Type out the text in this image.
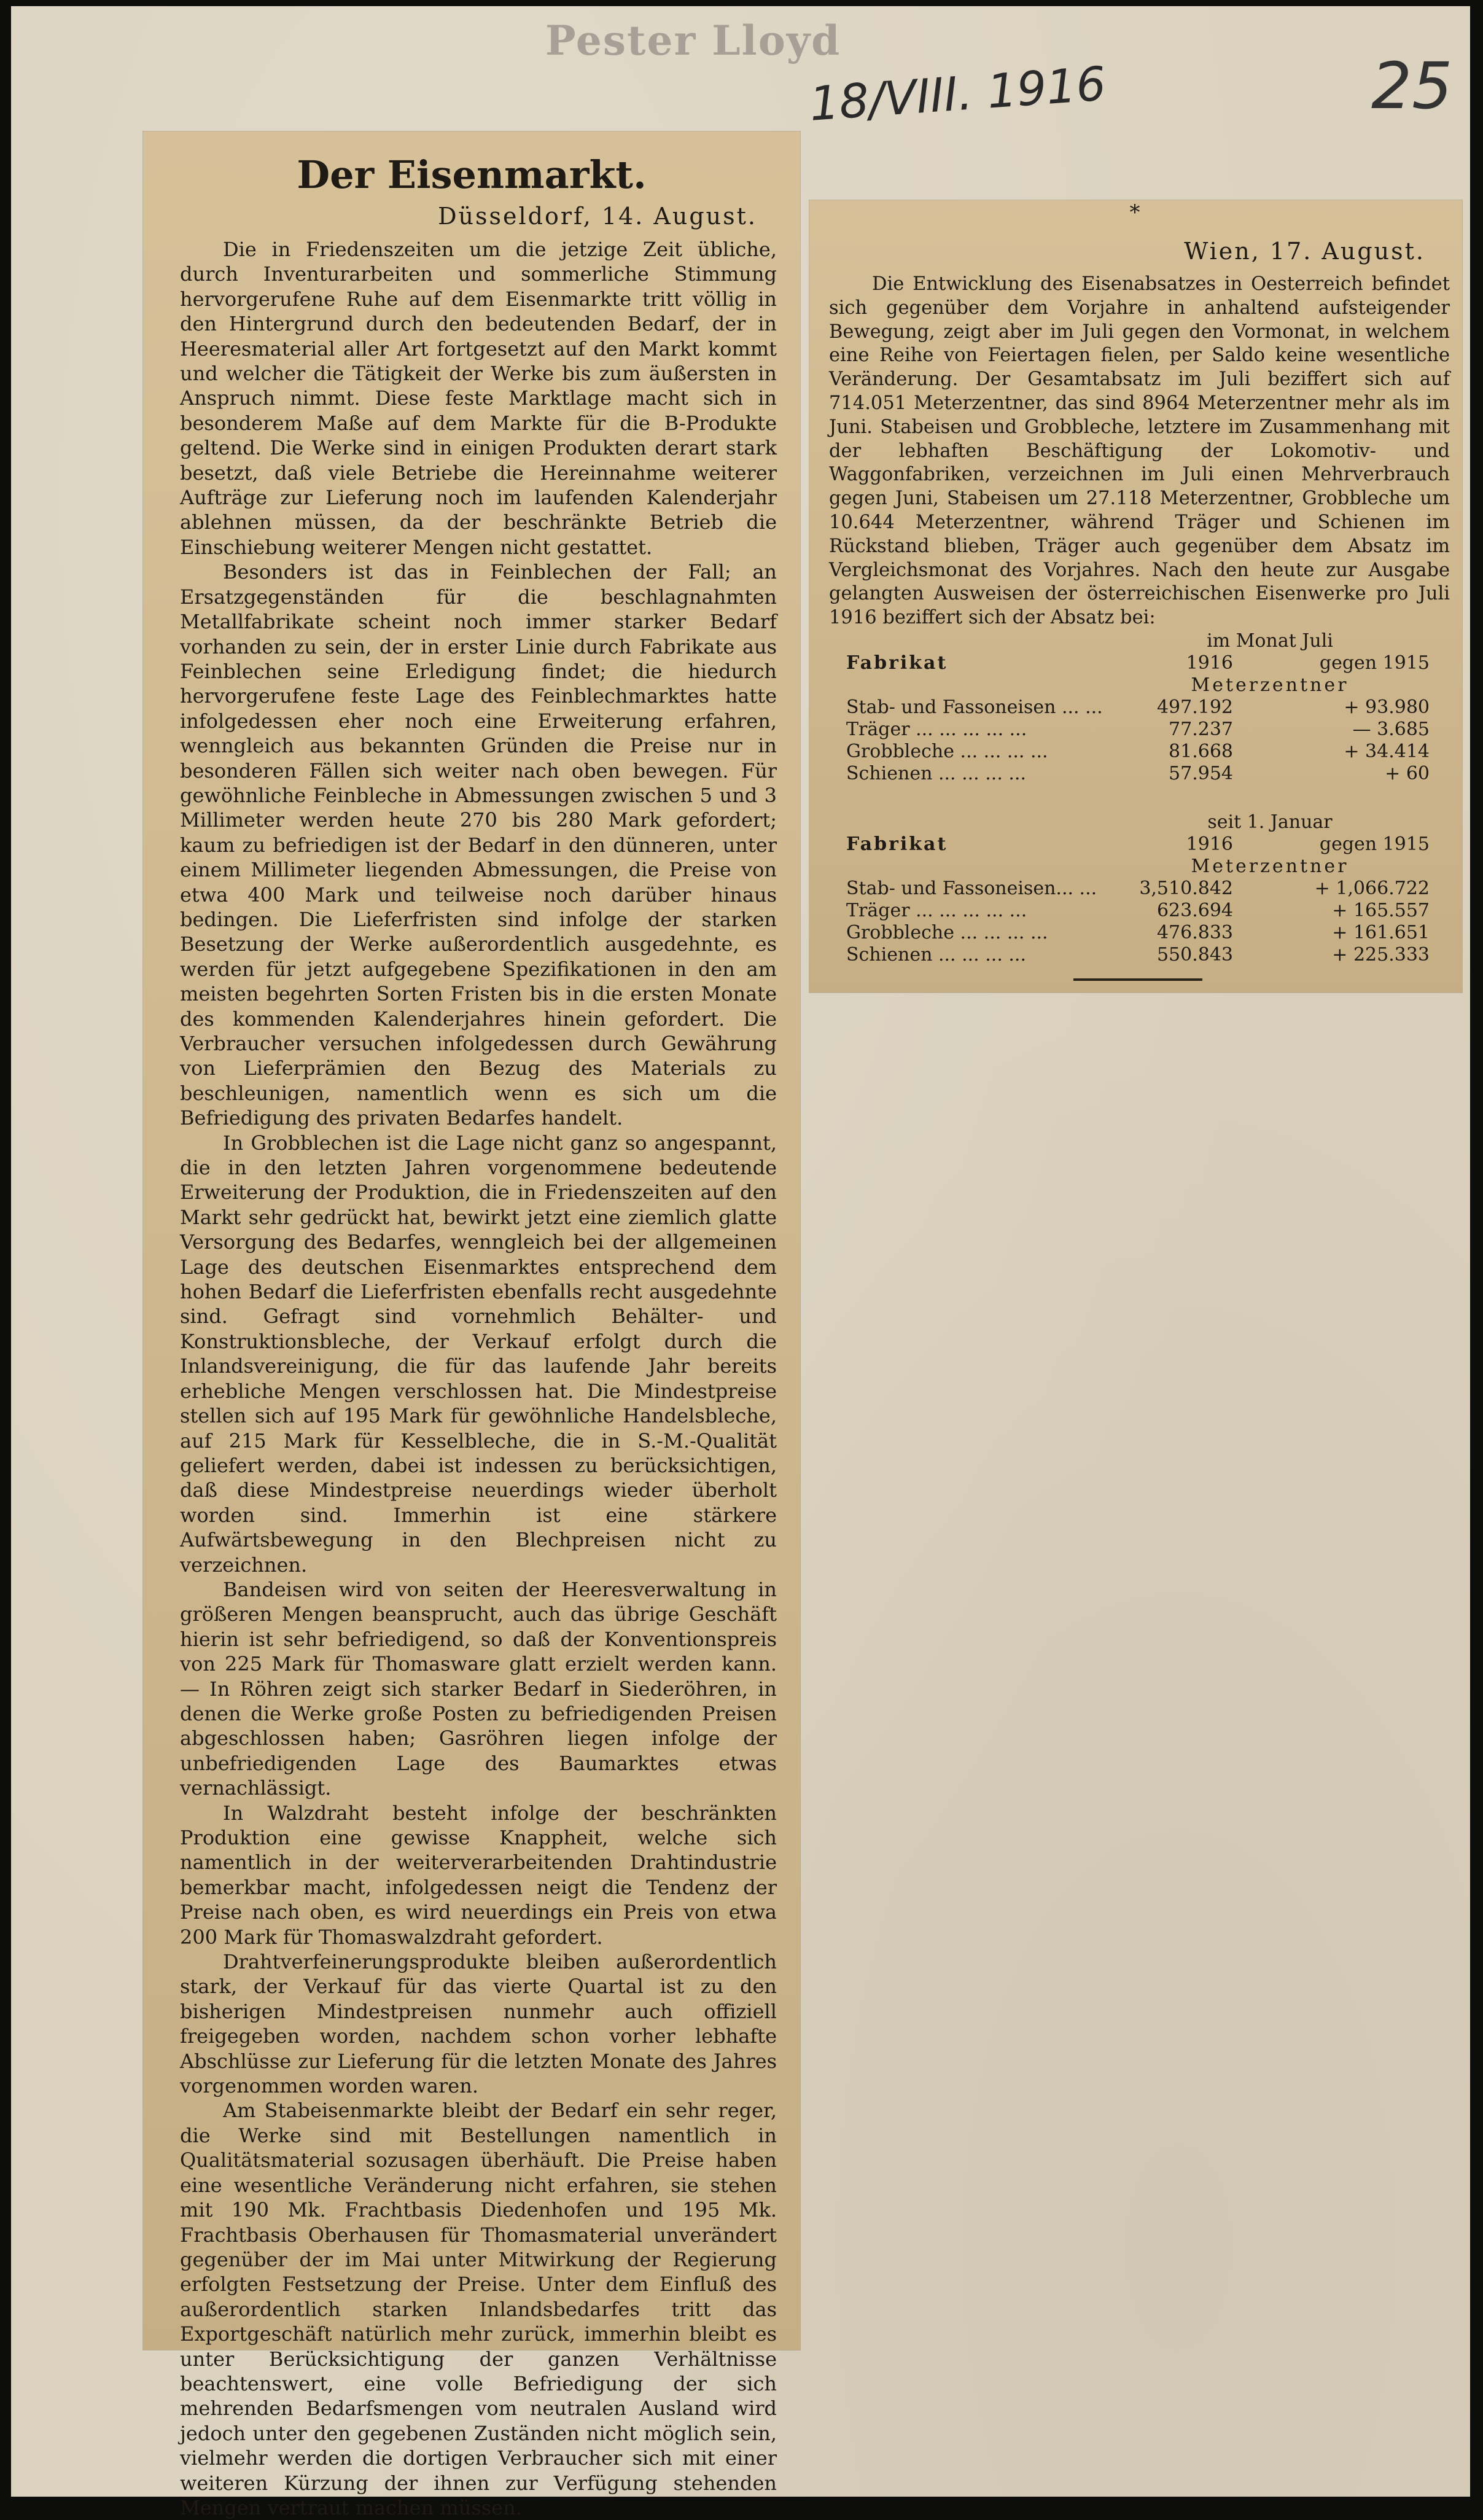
Pester Lloyd
18/VIII. 1916	25
Der Eisenmarkt.
Düsseldorf, 14. August.

Die in Friedenszeiten um die jetzige Zeit übliche, durch Inventurarbeiten und sommerliche Stimmung hervorgerufene Ruhe auf dem Eisenmarkte tritt völlig in den Hintergrund durch den bedeutenden Bedarf, der in Heeresmaterial aller Art fortgesetzt auf den Markt kommt und welcher die Tätigkeit der Werke bis zum äußersten in Anspruch nimmt. Diese feste Marktlage macht sich in besonderem Maße auf dem Markte für die B-Produkte geltend. Die Werke sind in einigen Produkten derart stark besetzt, daß viele Betriebe die Hereinnahme weiterer Aufträge zur Lieferung noch im laufenden Kalenderjahr ablehnen müssen, da der beschränkte Betrieb die Einschiebung weiterer Mengen nicht gestattet.

Besonders ist das in Feinblechen der Fall; an Ersatzgegenständen für die beschlagnahmten Metallfabrikate scheint noch immer starker Bedarf vorhanden zu sein, der in erster Linie durch Fabrikate aus Feinblechen seine Erledigung findet; die hiedurch hervorgerufene feste Lage des Feinblechmarktes hatte infolgedessen eher noch eine Erweiterung erfahren, wenngleich aus bekannten Gründen die Preise nur in besonderen Fällen sich weiter nach oben bewegen. Für gewöhnliche Feinbleche in Abmessungen zwischen 5 und 3 Millimeter werden heute 270 bis 280 Mark gefordert; kaum zu befriedigen ist der Bedarf in den dünneren, unter einem Millimeter liegenden Abmessungen, die Preise von etwa 400 Mark und teilweise noch darüber hinaus bedingen. Die Lieferfristen sind infolge der starken Besetzung der Werke außerordentlich ausgedehnte, es werden für jetzt aufgegebene Spezifikationen in den am meisten begehrten Sorten Fristen bis in die ersten Monate des kommenden Kalenderjahres hinein gefordert. Die Verbraucher versuchen infolgedessen durch Gewährung von Lieferprämien den Bezug des Materials zu beschleunigen, namentlich wenn es sich um die Befriedigung des privaten Bedarfes handelt.

In Grobblechen ist die Lage nicht ganz so angespannt, die in den letzten Jahren vorgenommene bedeutende Erweiterung der Produktion, die in Friedenszeiten auf den Markt sehr gedrückt hat, bewirkt jetzt eine ziemlich glatte Versorgung des Bedarfes, wenngleich bei der allgemeinen Lage des deutschen Eisenmarktes entsprechend dem hohen Bedarf die Lieferfristen ebenfalls recht ausgedehnte sind. Gefragt sind vornehmlich Behälter- und Konstruktionsbleche, der Verkauf erfolgt durch die Inlandsvereinigung, die für das laufende Jahr bereits erhebliche Mengen verschlossen hat. Die Mindestpreise stellen sich auf 195 Mark für gewöhnliche Handelsbleche, auf 215 Mark für Kesselbleche, die in S.-M.-Qualität geliefert werden, dabei ist indessen zu berücksichtigen, daß diese Mindestpreise neuerdings wieder überholt worden sind. Immerhin ist eine stärkere Aufwärtsbewegung in den Blechpreisen nicht zu verzeichnen.

Bandeisen wird von seiten der Heeresverwaltung in größeren Mengen beansprucht, auch das übrige Geschäft hierin ist sehr befriedigend, so daß der Konventionspreis von 225 Mark für Thomasware glatt erzielt werden kann. — In Röhren zeigt sich starker Bedarf in Siederöhren, in denen die Werke große Posten zu befriedigenden Preisen abgeschlossen haben; Gasröhren liegen infolge der unbefriedigenden Lage des Baumarktes etwas vernachlässigt.

In Walzdraht besteht infolge der beschränkten Produktion eine gewisse Knappheit, welche sich namentlich in der weiterverarbeitenden Drahtindustrie bemerkbar macht, infolgedessen neigt die Tendenz der Preise nach oben, es wird neuerdings ein Preis von etwa 200 Mark für Thomaswalzdraht gefordert.

Drahtverfeinerungsprodukte bleiben außerordentlich stark, der Verkauf für das vierte Quartal ist zu den bisherigen Mindestpreisen nunmehr auch offiziell freigegeben worden, nachdem schon vorher lebhafte Abschlüsse zur Lieferung für die letzten Monate des Jahres vorgenommen worden waren.

Am Stabeisenmarkte bleibt der Bedarf ein sehr reger, die Werke sind mit Bestellungen namentlich in Qualitätsmaterial sozusagen überhäuft. Die Preise haben eine wesentliche Veränderung nicht erfahren, sie stehen mit 190 Mk. Frachtbasis Diedenhofen und 195 Mk. Frachtbasis Oberhausen für Thomasmaterial unverändert gegenüber der im Mai unter Mitwirkung der Regierung erfolgten Festsetzung der Preise. Unter dem Einfluß des außerordentlich starken Inlandsbedarfes tritt das Exportgeschäft natürlich mehr zurück, immerhin bleibt es unter Berücksichtigung der ganzen Verhältnisse beachtenswert, eine volle Befriedigung der sich mehrenden Bedarfsmengen vom neutralen Ausland wird jedoch unter den gegebenen Zuständen nicht möglich sein, vielmehr werden die dortigen Verbraucher sich mit einer weiteren Kürzung der ihnen zur Verfügung stehenden Mengen vertraut machen müssen.

*
Wien, 17. August.

Die Entwicklung des Eisenabsatzes in Oesterreich befindet sich gegenüber dem Vorjahre in anhaltend aufsteigender Bewegung, zeigt aber im Juli gegen den Vormonat, in welchem eine Reihe von Feiertagen fielen, per Saldo keine wesentliche Veränderung. Der Gesamtabsatz im Juli beziffert sich auf 714.051 Meterzentner, das sind 8964 Meterzentner mehr als im Juni. Stabeisen und Grobbleche, letztere im Zusammenhang mit der lebhaften Beschäftigung der Lokomotiv- und Waggonfabriken, verzeichnen im Juli einen Mehrverbrauch gegen Juni, Stabeisen um 27.118 Meterzentner, Grobbleche um 10.644 Meterzentner, während Träger und Schienen im Rückstand blieben, Träger auch gegenüber dem Absatz im Vergleichsmonat des Vorjahres. Nach den heute zur Ausgabe gelangten Ausweisen der österreichischen Eisenwerke pro Juli 1916 beziffert sich der Absatz bei:

im Monat Juli
Fabrikat	1916	gegen 1915
Meterzentner
Stab- und Fassoneisen ... ...	497.192	+ 93.980
Träger ... ... ... ... ...	77.237	— 3.685
Grobbleche ... ... ... ...	81.668	+ 34.414
Schienen ... ... ... ...	57.954	+ 60
seit 1. Januar
Fabrikat	1916	gegen 1915
Meterzentner
Stab- und Fassoneisen... ...	3,510.842	+ 1,066.722
Träger ... ... ... ... ...	623.694	+ 165.557
Grobbleche ... ... ... ...	476.833	+ 161.651
Schienen ... ... ... ...	550.843	+ 225.333
